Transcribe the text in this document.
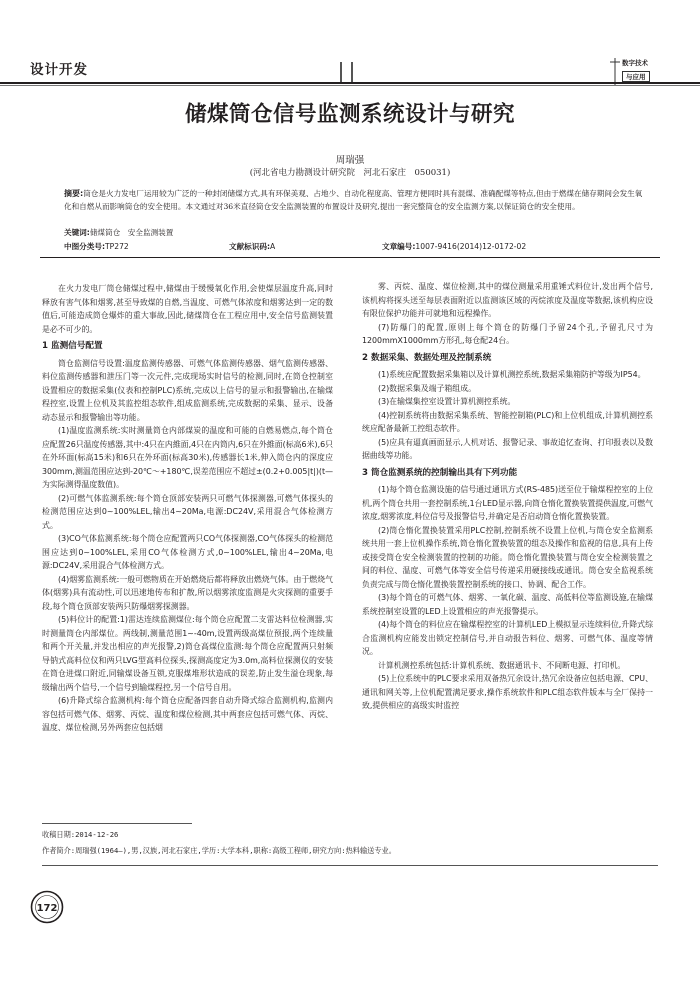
设计开发	数字技术
与应用
储煤筒仓信号监测系统设计与研究
周瑞强
(河北省电力勘测设计研究院　河北石家庄　050031)
摘要:筒仓是火力发电厂运用较为广泛的一种封闭储煤方式,具有环保美观、占地少、自动化程度高、管理方便同时具有混煤、准确配煤等特点,但由于燃煤在储存期间会发生氧化和自燃从而影响筒仓的安全使用。本文通过对36米直径筒仓安全监测装置的布置设计及研究,提出一套完整筒仓的安全监测方案,以保证筒仓的安全使用。
关键词:储煤筒仓　安全监测装置
中图分类号:TP272	文献标识码:A	文章编号:1007-9416(2014)12-0172-02

在火力发电厂筒仓储煤过程中,储煤由于缓慢氧化作用,会使煤层温度升高,同时释放有害气体和烟雾,甚至导致煤的自燃,当温度、可燃气体浓度和烟雾达到一定的数值后,可能造成筒仓爆炸的重大事故,因此,储煤筒仓在工程应用中,安全信号监测装置是必不可少的。

1 监测信号配置

筒仓监测信号设置:温度监测传感器、可燃气体监测传感器、烟气监测传感器、料位监测传感器和泄压门等一次元件,完成现场实时信号的检测,同时,在筒仓控制室设置相应的数据采集(仪表和控制PLC)系统,完成以上信号的显示和报警输出,在输煤程控室,设置上位机及其监控组态软件,组成监测系统,完成数据的采集、显示、设备动态显示和报警输出等功能。

(1)温度监测系统:实时测量筒仓内部煤炭的温度和可能的自燃易燃点,每个筒仓应配置26只温度传感器,其中:4只在内維面,4只在内筒内,6只在外維面(标高6米),6只在外环面(标高15米)和6只在外环面(标高30米),传感器长1米,伸入筒仓内的深度应300mm,测温范围应达到-20℃～+180℃,误差范围应不超过±(0.2+0.005|t|)(t—为实际测得温度数值)。

(2)可燃气体监测系统:每个筒仓顶部安装两只可燃气体探测器,可燃气体探头的检测范围应达到0~100%LEL,输出4~20Ma,电源:DC24V,采用混合气体检测方式。

(3)CO气体监测系统:每个筒仓应配置两只CO气体探测器,CO气体探头的检测范围应达到0~100%LEL,采用CO气体检测方式,0~100%LEL,输出4~20Ma,电源:DC24V,采用混合气体检测方式。

(4)烟雾监测系统:一般可燃物质在开始燃烧后都将释放出燃烧气体。由于燃烧气体(烟雾)具有流动性,可以迅速地传布和扩散,所以烟雾浓度监测是火灾探测的重要手段,每个筒仓顶部安装两只防爆烟雾探测器。

(5)料位计的配置:1)雷达连续监测煤位:每个筒仓应配置二支雷达料位检测器,实时测量筒仓内部煤位。两线制,测量范围1~-40m,设置两级高煤位预报,两个连续量和两个开关量,并发出相应的声光报警,2)筒仓高煤位监测:每个筒仓应配置两只射频导钠式高料位仪和两只LVG型高料位探头,探测高度定为3.0m,高料位探测仪的安装在筒仓进煤口附近,同输煤设备互锁,克服煤堆形状造成的误差,防止发生溢仓现象,每级输出两个信号,一个信号到输煤程控,另一个信号自用。

(6)升降式综合监测机构:每个筒仓应配备四套自动升降式综合监测机构,监测内容包括可燃气体、烟雾、丙烷、温度和煤位检测,其中两套应包括可燃气体、丙烷、温度、煤位检测,另外两套应包括烟

雾、丙烷、温度、煤位检测,其中的煤位测量采用重锤式料位计,发出两个信号,该机构将探头送至每层表面附近以监测该区域的丙烷浓度及温度等数据,该机构应设有限位保护功能并可就地和远程操作。

(7)防爆门的配置,原则上每个筒仓的防爆门予留24个孔,予留孔尺寸为1200mmX1000mm方形孔,每仓配24台。

2 数据采集、数据处理及控制系统

(1)系统应配置数据采集箱以及计算机测控系统,数据采集箱防护等级为IP54。

(2)数据采集及端子箱组成。

(3)在输煤集控室设置计算机测控系统。

(4)控制系统将由数据采集系统、智能控制箱(PLC)和上位机组成,计算机测控系统应配备最新工控组态软件。

(5)应具有逼真画面显示,人机对话、报警记录、事故追忆查询、打印报表以及数据曲线等功能。

3 筒仓监测系统的控制输出具有下列功能

(1)每个筒仓监测设施的信号通过通讯方式(RS-485)送至位于输煤程控室的上位机,两个筒仓共用一套控制系统,1台LED显示器,向筒仓惰化置换装置提供温度,可燃气浓度,烟雾浓度,料位信号及报警信号,并确定是否启动筒仓惰化置换装置。

(2)筒仓惰化置换装置采用PLC控制,控制系统不设置上位机,与筒仓安全监测系统共用一套上位机操作系统,筒仓惰化置换装置的组态及操作和监视的信息,具有上传或接受筒仓安全检测装置的控制的功能。筒仓惰化置换装置与筒仓安全检测装置之间的料位、温度、可燃气体等安全信号传递采用硬接线或通讯。筒仓安全监视系统负责完成与筒仓惰化置换装置控制系统的接口、协调、配合工作。

(3)每个筒仓的可燃气体、烟雾、一氧化碳、温度、高低料位等监测设施,在输煤系统控制室设置的LED上设置相应的声光报警提示。

(4)每个筒仓的料位应在输煤程控室的计算机LED上模拟显示连续料位,升降式综合监测机构应能发出锁定控制信号,并自动报告料位、烟雾、可燃气体、温度等情况。

计算机测控系统包括:计算机系统、数据通讯卡、不间断电源、打印机。

(5)上位系统中的PLC要求采用双备热冗余设计,热冗余设备应包括电源、CPU、通讯和网关等,上位机配置满足要求,操作系统软件和PLC组态软件版本与全厂保持一致,提供相应的高级实时监控

收稿日期:2014-12-26
作者简介:周瑞强(1964—),男,汉族,河北石家庄,学历:大学本科,职称:高级工程师,研究方向:热料输送专业。
172
